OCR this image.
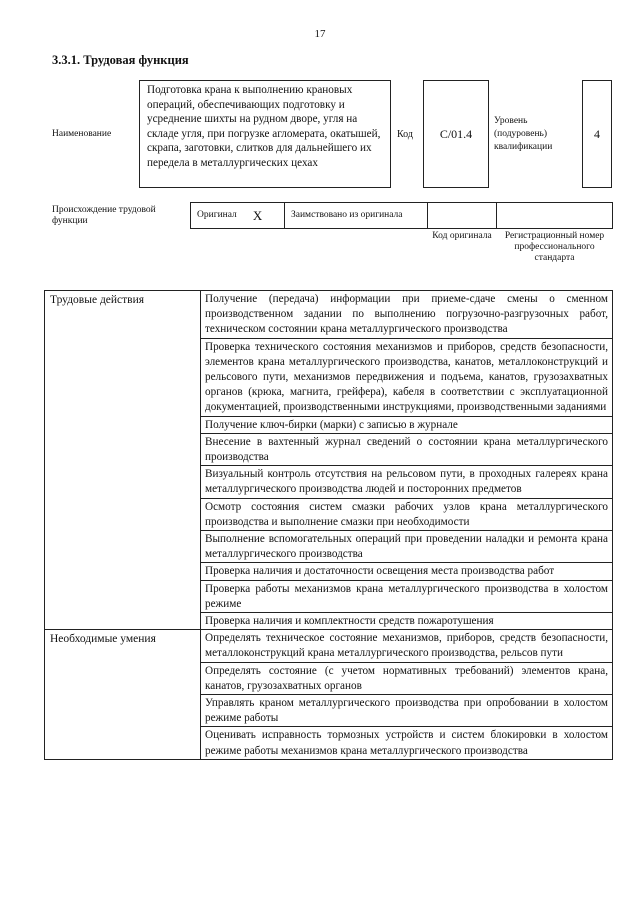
17
3.3.1. Трудовая функция
Наименование
Подготовка крана к выполнению крановых операций, обеспечивающих подготовку и усреднение шихты на рудном дворе, угля на складе угля, при погрузке агломерата, окатышей, скрапа, заготовки, слитков для дальнейшего их передела в металлургических цехах
Код C/01.4
Уровень (подуровень) квалификации
4
Происхождение трудовой функции
Оригинал X	Заимствовано из оригинала
Код оригинала	Регистрационный номер профессионального стандарта
Трудовые действия	Получение (передача) информации при приеме-сдаче смены о сменном производственном задании по выполнению погрузочно-разгрузочных работ, техническом состоянии крана металлургического производства
	Проверка технического состояния механизмов и приборов, средств безопасности, элементов крана металлургического производства, канатов, металлоконструкций и рельсового пути, механизмов передвижения и подъема, канатов, грузозахватных органов (крюка, магнита, грейфера), кабеля в соответствии с эксплуатационной документацией, производственными инструкциями, производственными заданиями
	Получение ключ-бирки (марки) с записью в журнале
	Внесение в вахтенный журнал сведений о состоянии крана металлургического производства
	Визуальный контроль отсутствия на рельсовом пути, в проходных галереях крана металлургического производства людей и посторонних предметов
	Осмотр состояния систем смазки рабочих узлов крана металлургического производства и выполнение смазки при необходимости
	Выполнение вспомогательных операций при проведении наладки и ремонта крана металлургического производства
	Проверка наличия и достаточности освещения места производства работ
	Проверка работы механизмов крана металлургического производства в холостом режиме
	Проверка наличия и комплектности средств пожаротушения
Необходимые умения	Определять техническое состояние механизмов, приборов, средств безопасности, металлоконструкций крана металлургического производства, рельсов пути
	Определять состояние (с учетом нормативных требований) элементов крана, канатов, грузозахватных органов
	Управлять краном металлургического производства при опробовании в холостом режиме работы
	Оценивать исправность тормозных устройств и систем блокировки в холостом режиме работы механизмов крана металлургического производства
